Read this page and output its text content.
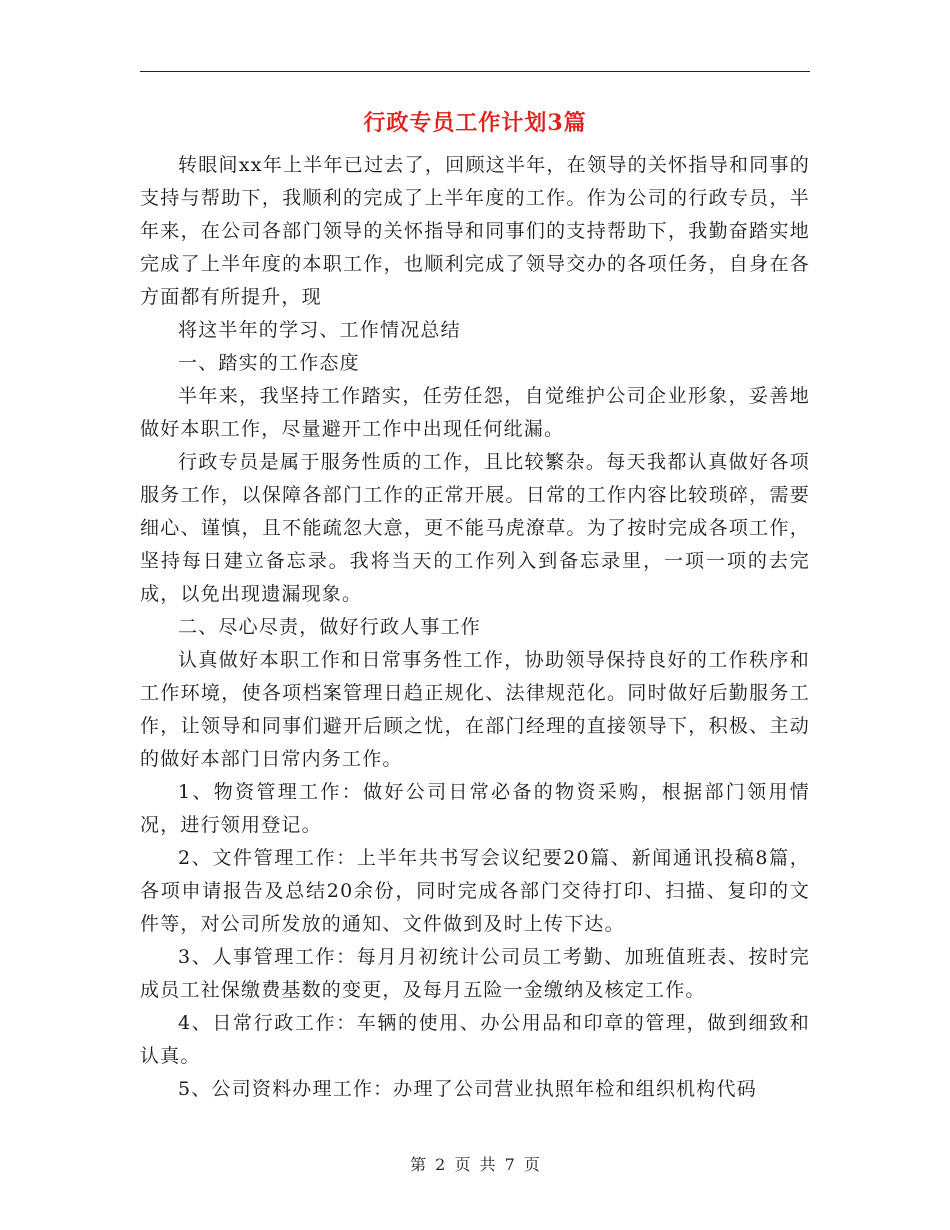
行政专员工作计划3篇

转眼间xx年上半年已过去了，回顾这半年，在领导的关怀指导和同事的支持与帮助下，我顺利的完成了上半年度的工作。作为公司的行政专员，半年来，在公司各部门领导的关怀指导和同事们的支持帮助下，我勤奋踏实地完成了上半年度的本职工作，也顺利完成了领导交办的各项任务，自身在各方面都有所提升，现

将这半年的学习、工作情况总结

一、踏实的工作态度

半年来，我坚持工作踏实，任劳任怨，自觉维护公司企业形象，妥善地做好本职工作，尽量避开工作中出现任何纰漏。

行政专员是属于服务性质的工作，且比较繁杂。每天我都认真做好各项服务工作，以保障各部门工作的正常开展。日常的工作内容比较琐碎，需要细心、谨慎，且不能疏忽大意，更不能马虎潦草。为了按时完成各项工作，坚持每日建立备忘录。我将当天的工作列入到备忘录里，一项一项的去完成，以免出现遗漏现象。

二、尽心尽责，做好行政人事工作

认真做好本职工作和日常事务性工作，协助领导保持良好的工作秩序和工作环境，使各项档案管理日趋正规化、法律规范化。同时做好后勤服务工作，让领导和同事们避开后顾之忧，在部门经理的直接领导下，积极、主动的做好本部门日常内务工作。

1、物资管理工作：做好公司日常必备的物资采购，根据部门领用情况，进行领用登记。

2、文件管理工作：上半年共书写会议纪要20篇、新闻通讯投稿8篇，各项申请报告及总结20余份，同时完成各部门交待打印、扫描、复印的文件等，对公司所发放的通知、文件做到及时上传下达。

3、人事管理工作：每月月初统计公司员工考勤、加班值班表、按时完成员工社保缴费基数的变更，及每月五险一金缴纳及核定工作。

4、日常行政工作：车辆的使用、办公用品和印章的管理，做到细致和认真。

5、公司资料办理工作：办理了公司营业执照年检和组织机构代码

第 2 页 共 7 页
